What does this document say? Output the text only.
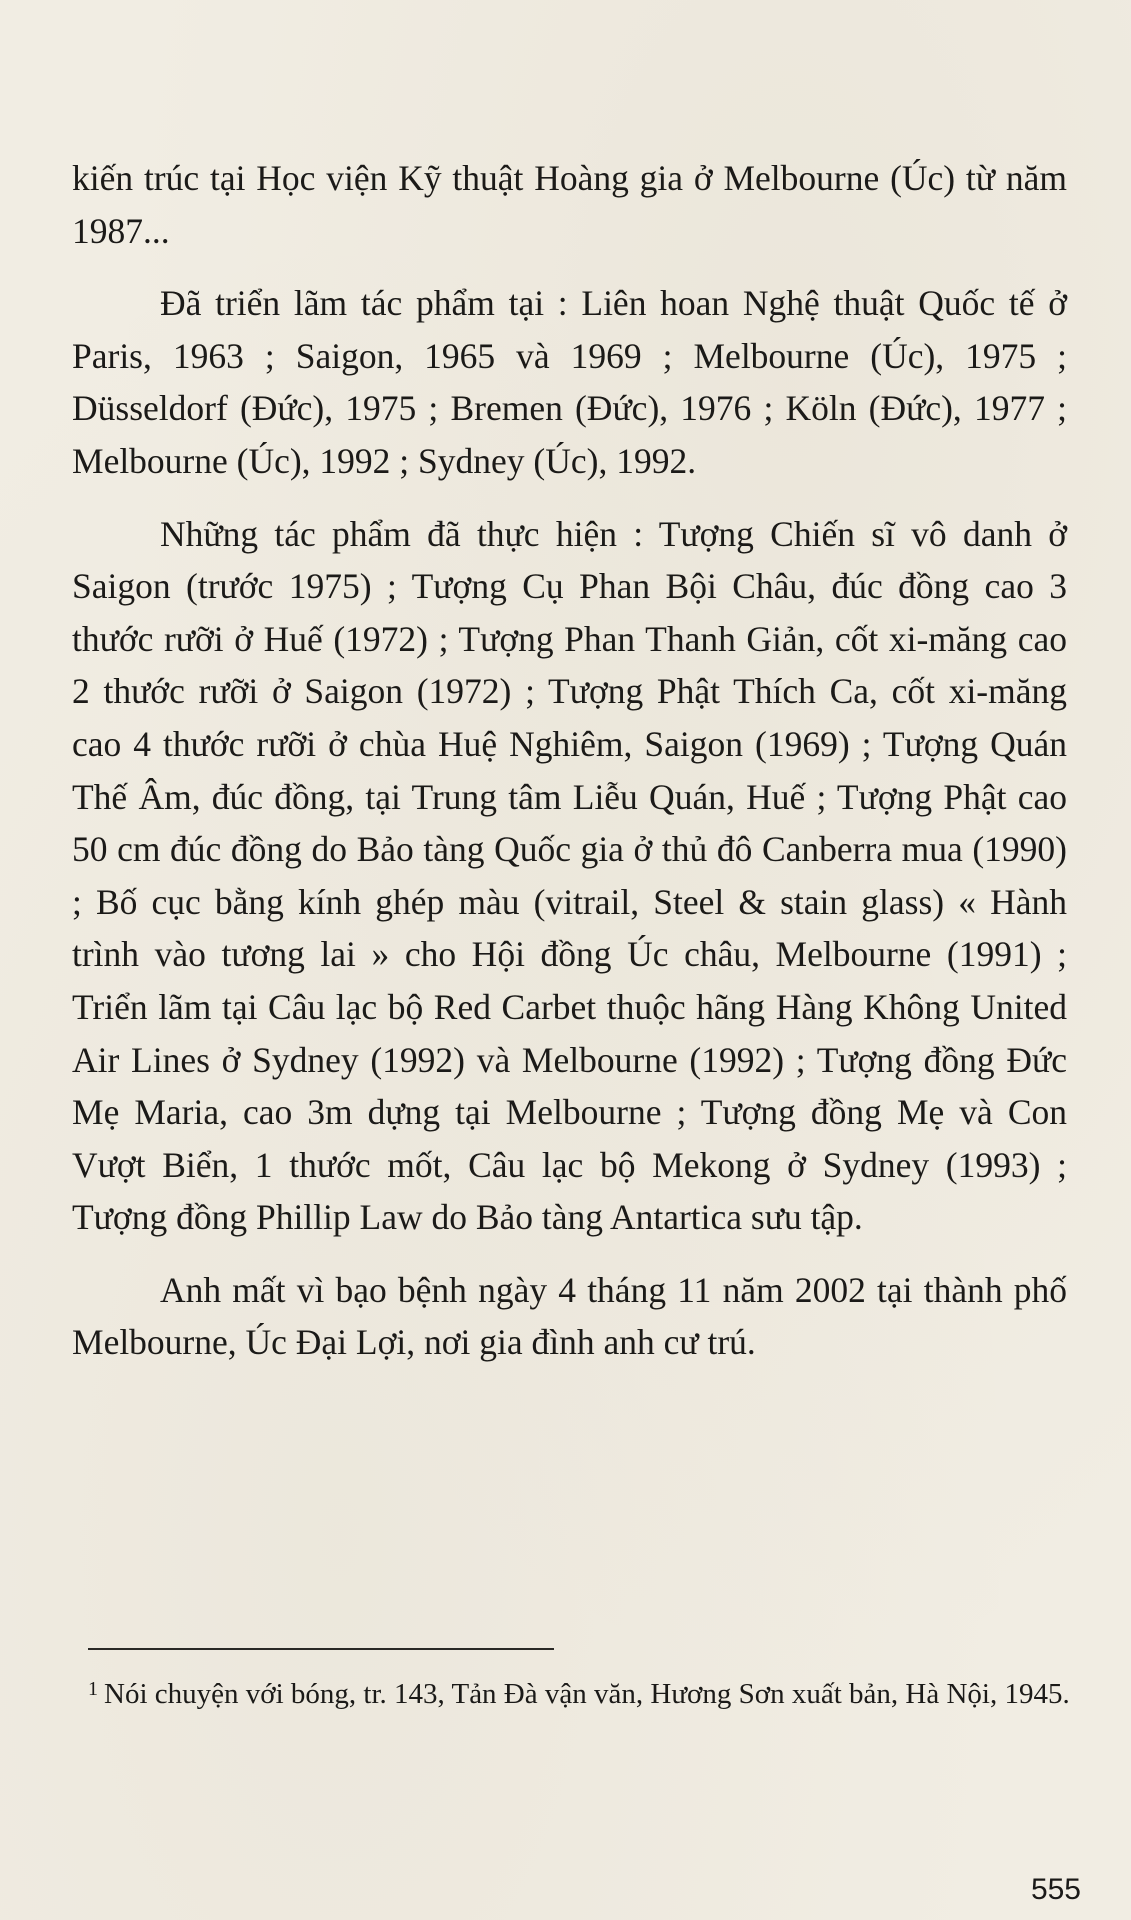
kiến trúc tại Học viện Kỹ thuật Hoàng gia ở Melbourne (Úc) từ năm 1987...

Đã triển lãm tác phẩm tại : Liên hoan Nghệ thuật Quốc tế ở Paris, 1963 ; Saigon, 1965 và 1969 ; Melbourne (Úc), 1975 ; Düsseldorf (Đức), 1975 ; Bremen (Đức), 1976 ; Köln (Đức), 1977 ; Melbourne (Úc), 1992 ; Sydney (Úc), 1992.

Những tác phẩm đã thực hiện : Tượng Chiến sĩ vô danh ở Saigon (trước 1975) ; Tượng Cụ Phan Bội Châu, đúc đồng cao 3 thước rưỡi ở Huế (1972) ; Tượng Phan Thanh Giản, cốt xi-măng cao 2 thước rưỡi ở Saigon (1972) ; Tượng Phật Thích Ca, cốt xi-măng cao 4 thước rưỡi ở chùa Huệ Nghiêm, Saigon (1969) ; Tượng Quán Thế Âm, đúc đồng, tại Trung tâm Liễu Quán, Huế ; Tượng Phật cao 50 cm đúc đồng do Bảo tàng Quốc gia ở thủ đô Canberra mua (1990) ; Bố cục bằng kính ghép màu (vitrail, Steel & stain glass) « Hành trình vào tương lai » cho Hội đồng Úc châu, Melbourne (1991) ; Triển lãm tại Câu lạc bộ Red Carbet thuộc hãng Hàng Không United Air Lines ở Sydney (1992) và Melbourne (1992) ; Tượng đồng Đức Mẹ Maria, cao 3m dựng tại Melbourne ; Tượng đồng Mẹ và Con Vượt Biển, 1 thước mốt, Câu lạc bộ Mekong ở Sydney (1993) ; Tượng đồng Phillip Law do Bảo tàng Antartica sưu tập.

Anh mất vì bạo bệnh ngày 4 tháng 11 năm 2002 tại thành phố Melbourne, Úc Đại Lợi, nơi gia đình anh cư trú.

$^1$ Nói chuyện với bóng, tr. 143, Tản Đà vận văn, Hương Sơn xuất bản, Hà Nội, 1945.
555
